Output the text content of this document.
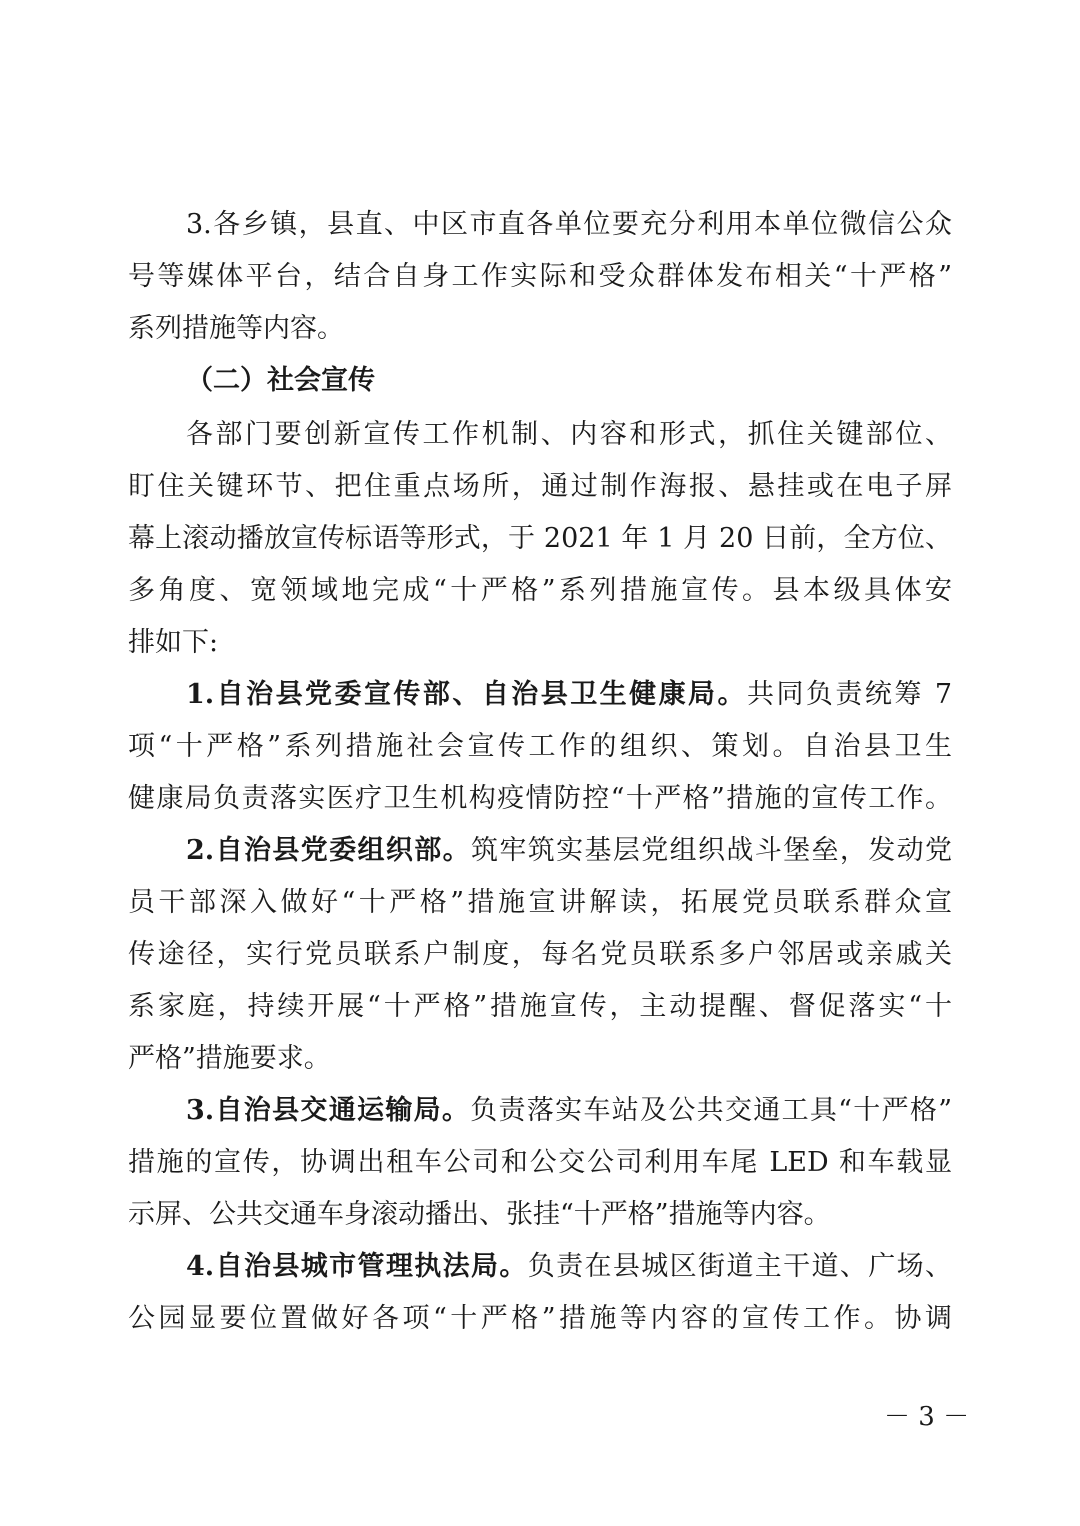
3.各乡镇，县直、中区市直各单位要充分利用本单位微信公众
号等媒体平台，结合自身工作实际和受众群体发布相关“十严格”
系列措施等内容。
（二）社会宣传
各部门要创新宣传工作机制、内容和形式，抓住关键部位、
盯住关键环节、把住重点场所，通过制作海报、悬挂或在电子屏
幕上滚动播放宣传标语等形式，于 2021 年 1 月 20 日前，全方位、
多角度、宽领域地完成“十严格”系列措施宣传。县本级具体安
排如下:
1.自治县党委宣传部、自治县卫生健康局。共同负责统筹 7
项“十严格”系列措施社会宣传工作的组织、策划。自治县卫生
健康局负责落实医疗卫生机构疫情防控“十严格”措施的宣传工作。
2.自治县党委组织部。筑牢筑实基层党组织战斗堡垒，发动党
员干部深入做好“十严格”措施宣讲解读，拓展党员联系群众宣
传途径，实行党员联系户制度，每名党员联系多户邻居或亲戚关
系家庭，持续开展“十严格”措施宣传，主动提醒、督促落实“十
严格”措施要求。
3.自治县交通运输局。负责落实车站及公共交通工具“十严格”
措施的宣传，协调出租车公司和公交公司利用车尾 LED 和车载显
示屏、公共交通车身滚动播出、张挂“十严格”措施等内容。
4.自治县城市管理执法局。负责在县城区街道主干道、广场、
公园显要位置做好各项“十严格”措施等内容的宣传工作。协调
－ 3 －
